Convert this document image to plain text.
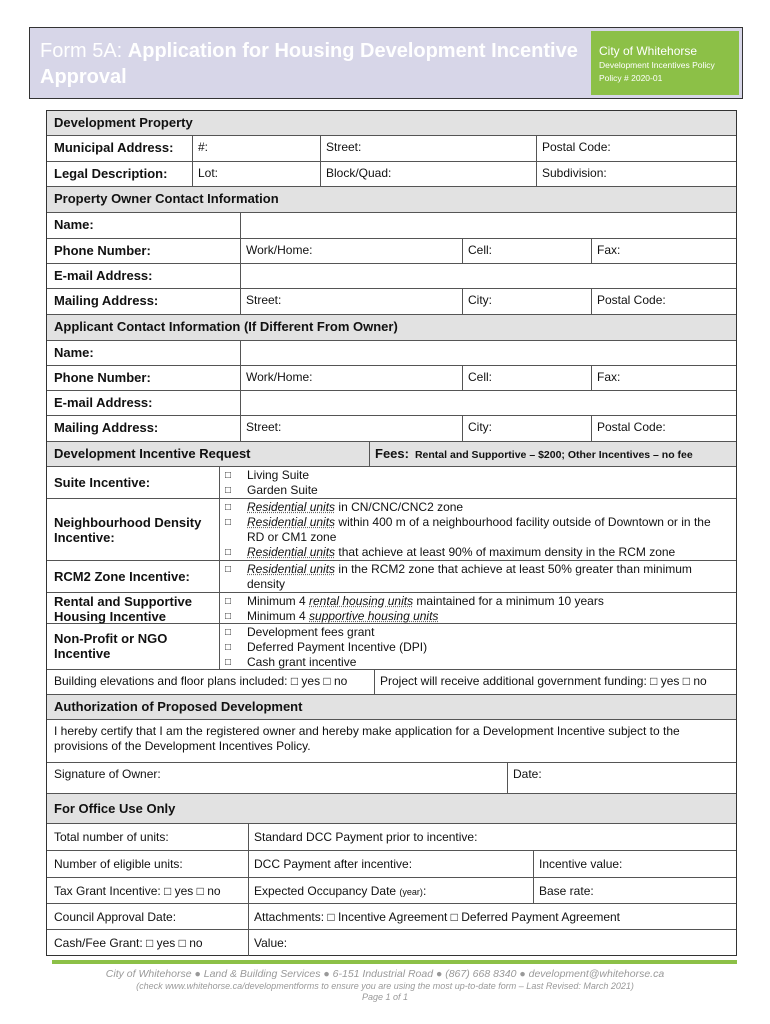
Form 5A: Application for Housing Development Incentive Approval
City of Whitehorse
Development Incentives Policy
Policy # 2020-01
Development Property
Municipal Address:	#:	Street:	Postal Code:
Legal Description:	Lot:	Block/Quad:	Subdivision:
Property Owner Contact Information
Name:
Phone Number:	Work/Home:	Cell:	Fax:
E-mail Address:
Mailing Address:	Street:	City:	Postal Code:
Applicant Contact Information (If Different From Owner)
Name:
Phone Number:	Work/Home:	Cell:	Fax:
E-mail Address:
Mailing Address:	Street:	City:	Postal Code:
Development Incentive Request	Fees: Rental and Supportive – $200; Other Incentives – no fee
Suite Incentive:	□ Living Suite
□ Garden Suite
Neighbourhood Density Incentive:
□ Residential units in CN/CNC/CNC2 zone
□ Residential units within 400 m of a neighbourhood facility outside of Downtown or in the RD or CM1 zone
□ Residential units that achieve at least 90% of maximum density in the RCM zone
RCM2 Zone Incentive:	□ Residential units in the RCM2 zone that achieve at least 50% greater than minimum density
Rental and Supportive Housing Incentive
□ Minimum 4 rental housing units maintained for a minimum 10 years
□ Minimum 4 supportive housing units
Non-Profit or NGO Incentive
□ Development fees grant
□ Deferred Payment Incentive (DPI)
□ Cash grant incentive
Building elevations and floor plans included: □ yes □ no	Project will receive additional government funding: □ yes □ no
Authorization of Proposed Development
I hereby certify that I am the registered owner and hereby make application for a Development Incentive subject to the provisions of the Development Incentives Policy.
Signature of Owner:	Date:
For Office Use Only
Total number of units:	Standard DCC Payment prior to incentive:
Number of eligible units:	DCC Payment after incentive:	Incentive value:
Tax Grant Incentive: □ yes □ no	Expected Occupancy Date (year):	Base rate:
Council Approval Date:	Attachments: □ Incentive Agreement □ Deferred Payment Agreement
Cash/Fee Grant: □ yes □ no	Value:
City of Whitehorse ● Land & Building Services ● 6-151 Industrial Road ● (867) 668 8340 ● development@whitehorse.ca
(check www.whitehorse.ca/developmentforms to ensure you are using the most up-to-date form – Last Revised: March 2021)
Page 1 of 1
